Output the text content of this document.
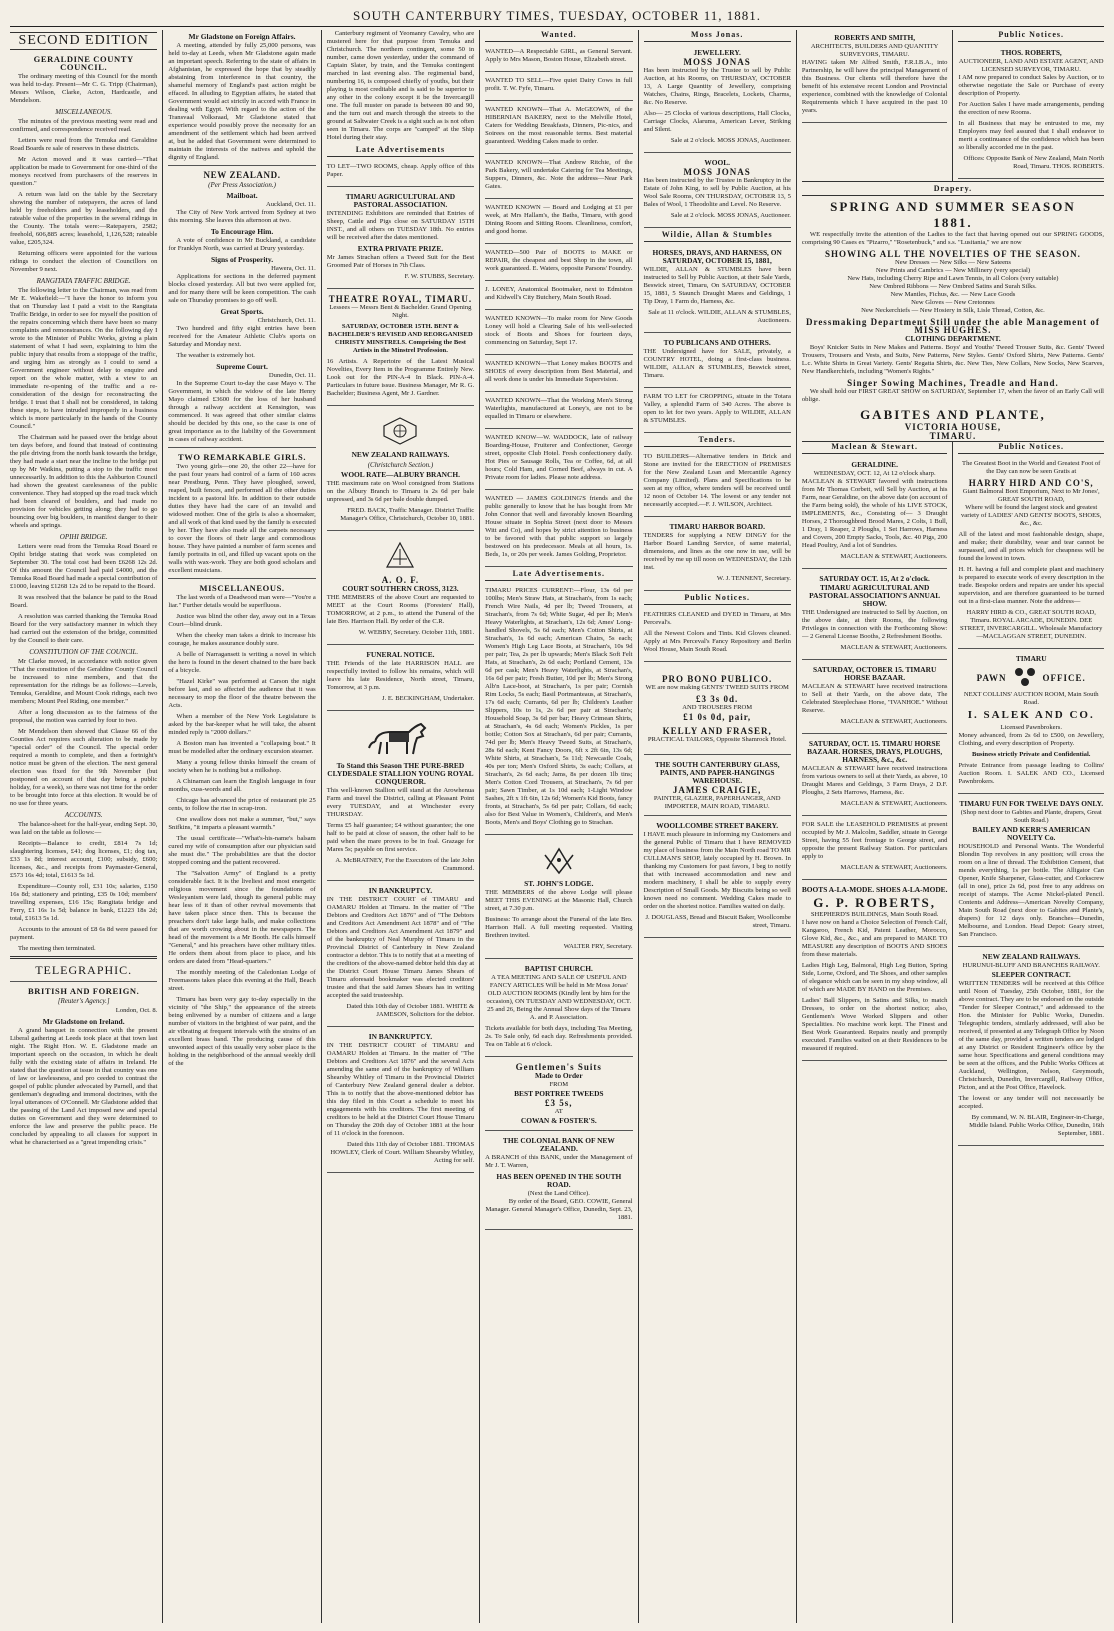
SOUTH CANTERBURY TIMES, TUESDAY, OCTOBER 11, 1881.
SECOND EDITION
GERALDINE COUNTY COUNCIL.

The ordinary meeting of this Council for the month was held to-day. Present—Mr C. G. Tripp (Chairman), Messrs Wilson, Clarke, Acton, Hardcastle, and Mendelson.

MISCELLANEOUS.

The minutes of the previous meeting were read and confirmed, and correspondence received read.

Letters were read from the Temuka and Geraldine Road Boards re sale of reserves in these districts.

Mr Acton moved and it was carried—"That application be made to Government for one-third of the moneys received from purchasers of the reserves in question."

A return was laid on the table by the Secretary showing the number of ratepayers, the acres of land held by freeholders and by leaseholders, and the rateable value of the properties in the several ridings in the County. The totals were:—Ratepayers, 2582; freehold, 606,885 acres; leasehold, 1,126,528; rateable value, £205,324.

Returning officers were appointed for the various ridings to conduct the election of Councillors on November 9 next.

RANGITATA TRAFFIC BRIDGE.

The following letter to the Chairman, was read from Mr E. Wakefield:—"I have the honor to inform you that on Thursday last I paid a visit to the Rangitata Traffic Bridge, in order to see for myself the position of the repairs concerning which there have been so many complaints and remonstrances. On the following day I wrote to the Minister of Public Works, giving a plain statement of what I had seen, explaining to him the public injury that results from a stoppage of the traffic, and urging him as strongly as I could to send a Government engineer without delay to enquire and report on the whole matter, with a view to an immediate re-opening of the traffic and a re-consideration of the design for reconstructing the bridge. I trust that I shall not be considered, in taking these steps, to have intruded improperly in a business which is more particularly in the hands of the County Council."

The Chairman said he passed over the bridge about ten days before, and found that instead of continuing the pile driving from the north bank towards the bridge, they had made a start near the incline to the bridge put up by Mr Watkins, putting a stop to the traffic most unnecessarily. In addition to this the Ashburton Council had shown the greatest carelessness of the public convenience. They had stopped up the road track which had been cleared of boulders, and had made no provision for vehicles getting along; they had to go bouncing over big boulders, in manifest danger to their wheels and springs.

OPIHI BRIDGE.

Letters were read from the Temuka Road Board re Opihi bridge stating that work was completed on September 30. The total cost had been £6268 12s 2d. Of this amount the Council had paid £4000, and the Temuka Road Board had made a special contribution of £1000, leaving £1268 12s 2d to be repaid to the Board.

It was resolved that the balance be paid to the Road Board.

A resolution was carried thanking the Temuka Road Board for the very satisfactory manner in which they had carried out the extension of the bridge, committed by the Council to their care.

CONSTITUTION OF THE COUNCIL.

Mr Clarke moved, in accordance with notice given "That the constitution of the Geraldine County Council be increased to nine members, and that the representation for the ridings be as follows:—Levels, Temuka, Geraldine, and Mount Cook ridings, each two members; Mount Peel Riding, one member."

After a long discussion as to the fairness of the proposal, the motion was carried by four to two.

Mr Mendelson then showed that Clause 66 of the Counties Act requires such alteration to be made by "special order" of the Council. The special order required a month to complete, and then a fortnight's notice must be given of the election. The next general election was fixed for the 9th November (but postponed on account of that day being a public holiday, for a week), so there was not time for the order to be brought into force at this election. It would be of no use for three years.

ACCOUNTS.

The balance-sheet for the half-year, ending Sept. 30, was laid on the table as follows:—

Receipts—Balance to credit, £814 7s 1d; slaughtering licenses, £41; dog licenses, £1; dog tax, £33 1s 8d; interest account, £100; subsidy, £600; licenses, &c., and receipts from Paymaster-General, £573 16s 4d; total, £1613 5s 1d.

Expenditure—County roll, £31 10s; salaries, £150 16s 8d; stationery and printing, £35 0s 10d; members' travelling expenses, £16 15s; Rangitata bridge and Ferry, £1 16s 1s 5d; balance in bank, £1223 18s 2d; total, £1613 5s 1d.

Accounts to the amount of £8 6s 8d were passed for payment.

The meeting then terminated.

TELEGRAPHIC.
BRITISH AND FOREIGN.
[Reuter's Agency.]
London, Oct. 8.
Mr Gladstone on Ireland.

A grand banquet in connection with the present Liberal gathering at Leeds took place at that town last night. The Right Hon. W. E. Gladstone made an important speech on the occasion, in which he dealt fully with the existing state of affairs in Ireland. He stated that the question at issue in that country was one of law or lawlessness, and pro ceeded to contrast the gospel of public plunder advocated by Parnell, and that gentleman's degrading and immoral doctrines, with the loyal utterances of O'Connell. Mr Gladstone added that the passing of the Land Act imposed new and special duties on Government and they were determined to enforce the law and preserve the public peace. He concluded by appealing to all classes for support in what he characterised as a "great impending crisis."

Mr Gladstone on Foreign Affairs.

A meeting, attended by fully 25,000 persons, was held to-day at Leeds, when Mr Gladstone again made an important speech. Referring to the state of affairs in Afghanistan, he expressed the hope that by steadily abstaining from interference in that country, the shameful memory of England's past action might be effaced. In alluding to Egyptian affairs, he stated that Government would act strictly in accord with France in dealing with Egypt. With regard to the action of the Transvaal Volksraad, Mr Gladstone stated that experience would possibly prove the necessity for an amendment of the settlement which had been arrived at, but he added that Government were determined to maintain the interests of the natives and uphold the dignity of England.

NEW ZEALAND.
(Per Press Association.)
Mailboat.
Auckland, Oct. 11.

The City of New York arrived from Sydney at two this morning. She leaves this afternoon at two.

To Encourage Him.

A vote of confidence in Mr Buckland, a candidate for Franklyn North, was carried at Drury yesterday.

Signs of Prosperity.
Hawera, Oct. 11.

Applications for sections in the deferred payment blocks closed yesterday. All but two were applied for, and for many there will be keen competition. The cash sale on Thursday promises to go off well.

Great Sports.
Christchurch, Oct. 11.

Two hundred and fifty eight entries have been received for the Amateur Athletic Club's sports on Saturday and Monday next.

The weather is extremely hot.

Supreme Court.
Dunedin, Oct. 11.

In the Supreme Court to-day the case Mayo v. The Government, in which the widow of the late Henry Mayo claimed £3600 for the loss of her husband through a railway accident at Kensington, was commenced. It was agreed that other similar claims should be decided by this one, so the case is one of great importance as to the liability of the Government in cases of railway accident.

TWO REMARKABLE GIRLS.

Two young girls—one 20, the other 22—have for the past four years had control of a farm of 160 acres near Prestburg, Penn. They have ploughed, sowed, reaped, built fences, and performed all the other duties incident to a pastoral life. In addition to their outside duties they have had the care of an invalid and widowed mother. One of the girls is also a shoemaker, and all work of that kind used by the family is executed by her. They have also made all the carpets necessary to cover the floors of their large and commodious house. They have painted a number of farm scenes and family portraits in oil, and filled up vacant spots on the walls with wax-work. They are both good scholars and excellent musicians.

MISCELLANEOUS.

The last words of a Deadwood man were—"You're a liar." Further details would be superfluous.

Justice was blind the other day, away out in a Texas Court—blind drunk.

When the cheeky man takes a drink to increase his courage, he makes assurance doubly sure.

A belle of Narragansett is writing a novel in which the hero is found in the desert chained to the bare back of a bicycle.

"Hazel Kirke" was performed at Carson the night before last, and so affected the audience that it was necessary to mop the floor of the theatre between the Acts.

When a member of the New York Legislature is asked by the bar-keeper what he will take, the absent minded reply is "2000 dollars."

A Boston man has invented a "collapsing boat." It must be modelled after the ordinary excursion steamer.

Many a young fellow thinks himself the cream of society when he is nothing but a milkshop.

A Chinaman can learn the English language in four months, cuss-words and all.

Chicago has advanced the price of restaurant pie 25 cents, to follow the rise in scrap-iron.

One swallow does not make a summer, "but," says Snifkins, "it imparts a pleasant warmth."

The usual certificate—"What's-his-name's balsam cured my wife of consumption after our physician said she must die." The probabilities are that the doctor stopped coming and the patient recovered.

The "Salvation Army" of England is a pretty considerable fact. It is the liveliest and most energetic religious movement since the foundations of Wesleyanism were laid, though its general public may hear less of it than of other revival movements that have taken place since then. This is because the preachers don't take large halls, and make collections that are worth crowing about in the newspapers. The head of the movement is a Mr Booth. He calls himself "General," and his preachers have other military titles. He orders them about from place to place, and his orders are dated from "Head-quarters."

The monthly meeting of the Caledonian Lodge of Freemasons takes place this evening at the Hall, Beach street.

Timaru has been very gay to-day especially in the vicinity of "the Ship," the appearance of the streets being enlivened by a number of citizens and a large number of visitors in the brightest of war paint, and the air vibrating at frequent intervals with the strains of an excellent brass band. The producing cause of this unwonted aspect of this usually very sober place is the holding in the neighborhood of the annual weekly drill of the

Canterbury regiment of Yeomanry Cavalry, who are mustered here for that purpose from Temuka and Christchurch. The northern contingent, some 50 in number, came down yesterday, under the command of Captain Slater, by train, and the Temuka contingent marched in last evening also. The regimental band, numbering 16, is composed chiefly of youths, but their playing is most creditable and is said to be superior to any other in the colony except it be the Invercargill one. The full muster on parade is between 80 and 90, and the turn out and march through the streets to the ground at Saltwater Creek is a sight such as is not often seen in Timaru. The corps are "camped" at the Ship Hotel during their stay.

Late Advertisements

TO LET—TWO ROOMS, cheap. Apply office of this Paper.

TIMARU AGRICULTURAL AND PASTORAL ASSOCIATION.

INTENDING Exhibitors are reminded that Entries of Sheep, Cattle and Pigs close on SATURDAY 15TH INST., and all others on TUESDAY 18th. No entries will be received after the dates mentioned.

EXTRA PRIVATE PRIZE.

Mr James Strachan offers a Tweed Suit for the Best Groomed Pair of Horses in 7th Class.

F. W. STUBBS, Secretary.

THEATRE ROYAL, TIMARU.

Lessees — Messrs Bent & Bachelder. Grand Opening Night.

SATURDAY, OCTOBER 15TH. BENT & BACHELDER'S REVISED AND REORGANISED CHRISTY MINSTRELS. Comprising the Best Artists in the Minstrel Profession.

16 Artists. A Repertoire of the Latest Musical Novelties, Every Item in the Programme Entirely New. Look out for the PIN-A-4 In Black. PIN-A-4. Particulars in future issue. Business Manager, Mr R. G. Bachelder; Business Agent, Mr J. Gardner.

NEW ZEALAND RAILWAYS.
(Christchurch Section.)
WOOL RATE—ALBURY BRANCH.

THE maximum rate on Wool consigned from Stations on the Albury Branch to Timaru is 2s 6d per bale unpressed, and 3s 6d per bale double dumped.

FRED. BACK, Traffic Manager. District Traffic Manager's Office, Christchurch, October 10, 1881.

A. O. F.
COURT SOUTHERN CROSS, 3123.

THE MEMBERS of the above Court are requested to MEET at the Court Rooms (Foresters' Hall), TOMORROW, at 2 p.m., to attend the Funeral of the late Bro. Harrison Hall. By order of the C.R.

W. WEBBY, Secretary. October 11th, 1881.

FUNERAL NOTICE.

THE Friends of the late HARRISON HALL are respectfully invited to follow his remains, which will leave his late Residence, North street, Timaru, Tomorrow, at 3 p.m.

J. E. BECKINGHAM, Undertaker.

To Stand this Season THE PURE-BRED CLYDESDALE STALLION YOUNG ROYAL CONQUEROR.

This well-known Stallion will stand at the Arowhenua Farm and travel the District, calling at Pleasant Point every TUESDAY, and at Winchester every THURSDAY.

Terms £5 half guarantee; £4 without guarantee; the one half to be paid at close of season, the other half to be paid when the mare proves to be in foal. Grazage for Mares 5s; payable on first service.

A. McBRATNEY, For the Executors of the late John Crammond.

IN BANKRUPTCY.

IN THE DISTRICT COURT of TIMARU and OAMARU Holden at Timaru. In the matter of "The Debtors and Creditors Act 1876" and of "The Debtors and Creditors Act Amendment Act 1878" and of "The Debtors and Creditors Act Amendment Act 1879" and of the bankruptcy of Neal Murphy of Timaru in the Provincial District of Canterbury in New Zealand contractor a debtor. This is to notify that at a meeting of the creditors of the above-named debtor held this day at the District Court House Timaru James Shears of Timaru aforesaid bookmaker was elected creditors' trustee and that the said James Shears has in writing accepted the said trusteeship.

Dated this 10th day of October 1881. WHITE & JAMESON, Solicitors for the debtor.

IN BANKRUPTCY.

IN THE DISTRICT COURT of TIMARU and OAMARU Holden at Timaru. In the matter of "The Debtors and Creditors Act 1876" and the several Acts amending the same and of the bankruptcy of William Shearsby Whitley of Timaru in the Provincial District of Canterbury New Zealand general dealer a debtor. This is to notify that the above-mentioned debtor has this day filed in this Court a schedule to meet his engagements with his creditors. The first meeting of creditors to be held at the District Court House Timaru on Thursday the 20th day of October 1881 at the hour of 11 o'clock in the forenoon.

Dated this 11th day of October 1881. THOMAS HOWLEY, Clerk of Court. William Shearsby Whitley, Acting for self.

Wanted.

WANTED—A Respectable GIRL, as General Servant. Apply to Mrs Mason, Boston House, Elizabeth street.

WANTED TO SELL—Five quiet Dairy Cows in full profit. T. W. Fyfe, Timaru.

WANTED KNOWN—That A. McGEOWN, of the HIBERNIAN BAKERY, next to the Melville Hotel, Caters for Wedding Breakfasts, Dinners, Pic-nics, and Soirees on the most reasonable terms. Best material guaranteed. Wedding Cakes made to order.

WANTED KNOWN—That Andrew Ritchie, of the Park Bakery, will undertake Catering for Tea Meetings, Suppers, Dinners, &c. Note the address—Near Park Gates.

WANTED KNOWN — Board and Lodging at £1 per week, at Mrs Hallam's, the Baths, Timaru, with good Dining Room and Sitting Room. Cleanliness, comfort, and good home.

WANTED—500 Pair of BOOTS to MAKE or REPAIR, the cheapest and best Shop in the town, all work guaranteed. E. Waters, opposite Parsons' Foundry.

J. LONEY, Anatomical Bootmaker, next to Edmiston and Kidwell's City Butchery, Main South Road.

WANTED KNOWN—To make room for New Goods Loney will hold a Clearing Sale of his well-selected stock of Boots and Shoes for fourteen days, commencing on Saturday, Sept 17.

WANTED KNOWN—That Loney makes BOOTS and SHOES of every description from Best Material, and all work done is under his Immediate Supervision.

WANTED KNOWN—That the Working Men's Strong Waterlights, manufactured at Loney's, are not to be equalled in Timaru or elsewhere.

WANTED KNOW—W. WADDOCK, late of railway Boarding-House, Fruiterer and Confectioner, George street, opposite Club Hotel. Fresh confectionery daily. Hot Pies or Sausage Rolls, Tea or Coffee, 6d, at all hours; Cold Ham, and Corned Beef, always in cut. A Private room for ladies. Please note address.

WANTED — JAMES GOLDING'S friends and the public generally to know that he has bought from Mr John Connor that well and favorably known Boarding House situate in Sophia Street (next door to Messrs Witt and Co), and hopes by strict attention to business to be favored with that public support so largely bestowed on his predecessor. Meals at all hours, 1s. Beds, 1s, or 20s per week. James Golding, Proprietor.

Late Advertisements.

TIMARU PRICES CURRENT:—Flour, 13s 6d per 100lbs; Men's Straw Hats, at Strachan's, from 1s each; French Wire Nails, 4d per lb; Tweed Trousers, at Strachan's, from 7s 6d; White Sugar, 4d per lb; Men's Heavy Waterlights, at Strachan's, 12s 6d; Ames' Long-handled Shovels, 5s 6d each; Men's Cotton Shirts, at Strachan's, 1s 6d each; American Chairs, 5s each; Women's High Leg Lace Boots, at Strachan's, 10s 9d per pair; Tea, 2s per lb upwards; Men's Black Soft Felt Hats, at Strachan's, 2s 6d each; Portland Cement, 13s 6d per cask; Men's Heavy Waterlights, at Strachan's, 16s 6d per pair; Fresh Butter, 10d per lb; Men's Strong Alb'n Lace-boot, at Strachan's, 1s per pair; Cornish Rim Locks, 5s each; Basil Portmanteaus, at Strachan's, 17s 6d each; Currants, 6d per lb; Children's Leather Slippers, 10s to 1s, 2s 6d per pair at Strachan's; Household Soap, 3s 6d per bar; Heavy Crimean Shirts, at Strachan's, 4s 6d each; Women's Pickles, 1s per bottle; Cotton Sox at Strachan's, 6d per pair; Currants, 74d per lb; Men's Heavy Tweed Suits, at Strachan's, 28s 6d each; Kent Fancy Doors, 6ft x 2ft 6in, 13s 6d; White Shirts, at Strachan's, 5s 11d; Newcastle Coals, 40s per ton; Men's Oxford Shirts, 3s each; Collars, at Strachan's, 2s 6d each; Jams, 8s per dozen 1lb tins; Men's Cotton Cord Trousers, at Strachan's, 7s 6d per pair; Sawn Timber, at 1s 10d each; 1-Light Window Sashes, 2ft x 1ft 6in, 12s 6d; Women's Kid Boots, fancy fronts, at Strachan's, 5s 6d per pair; Collars, 6d each; also for Best Value in Women's, Children's, and Men's Boots, Men's and Boys' Clothing go to Strachan.

ST. JOHN'S LODGE.

THE MEMBERS of the above Lodge will please MEET THIS EVENING at the Masonic Hall, Church street, at 7.30 p.m.

Business: To arrange about the Funeral of the late Bro. Harrison Hall. A full meeting requested. Visiting Brethren invited.

WALTER FRY, Secretary.

BAPTIST CHURCH.

A TEA MEETING AND SALE OF USEFUL AND FANCY ARTICLES Will be held in Mr Moss Jonas' OLD AUCTION ROOMS (Kindly lent by him for the occasion), ON TUESDAY AND WEDNESDAY, OCT. 25 and 26, Being the Annual Show days of the Timaru A. and P. Association.

Tickets available for both days, including Tea Meeting, 2s. To Sale only, 6d each day. Refreshments provided. Tea on Table at 6 o'clock.

Gentlemen's Suits
Made to Order
FROM
BEST PORTREE TWEEDS
£3 5s,
AT
COWAN & FOSTER'S.
THE COLONIAL BANK OF NEW ZEALAND.

A BRANCH of this BANK, under the Management of Mr J. T. Warren,

HAS BEEN OPENED IN THE SOUTH ROAD.
(Next the Land Office).

By order of the Board, GEO. COWIE, General Manager. General Manager's Office, Dunedin, Sept. 23, 1881.

Moss Jonas.
JEWELLERY.
MOSS JONAS

Has been instructed by the Trustee to sell by Public Auction, at his Rooms, on THURSDAY, OCTOBER 13, A Large Quantity of Jewellery, comprising Watches, Chains, Rings, Bracelets, Lockets, Charms, &c. No Reserve.

Also— 25 Clocks of various descriptions, Hall Clocks, Carriage Clocks, Alarums, American Lever, Striking and Silent.

Sale at 2 o'clock. MOSS JONAS, Auctioneer.

WOOL.
MOSS JONAS

Has been instructed by the Trustee in Bankruptcy in the Estate of John King, to sell by Public Auction, at his Wool Sale Rooms, ON THURSDAY, OCTOBER 13, 5 Bales of Wool, 1 Theodolite and Level. No Reserve.

Sale at 2 o'clock. MOSS JONAS, Auctioneer.

Wildie, Allan & Stumbles
HORSES, DRAYS, AND HARNESS, ON SATURDAY, OCTOBER 15, 1881,

WILDIE, ALLAN & STUMBLES have been instructed to Sell by Public Auction, at their Sale Yards, Beswick street, Timaru, On SATURDAY, OCTOBER 15, 1881, 5 Staunch Draught Mares and Geldings, 1 Tip Dray, 1 Farm do, Harness, &c.

Sale at 11 o'clock. WILDIE, ALLAN & STUMBLES, Auctioneers.

TO PUBLICANS AND OTHERS.

THE Undersigned have for SALE, privately, a COUNTRY HOTEL, doing a first-class business. WILDIE, ALLAN & STUMBLES, Beswick street, Timaru.

FARM TO LET for CROPPING, situate in the Totara Valley, a splendid Farm of 340 Acres. The above is open to let for two years. Apply to WILDIE, ALLAN & STUMBLES.

Tenders.

TO BUILDERS—Alternative tenders in Brick and Stone are invited for the ERECTION of PREMISES for the New Zealand Loan and Mercantile Agency Company (Limited). Plans and Specifications to be seen at my office, where tenders will be received until 12 noon of October 14. The lowest or any tender not necessarily accepted.—F. J. WILSON, Architect.

TIMARU HARBOR BOARD.

TENDERS for supplying a NEW DINGY for the Harbor Board Landing Service, of same material, dimensions, and lines as the one now in use, will be received by me up till noon on WEDNESDAY, the 12th inst.

W. J. TENNENT, Secretary.

Public Notices.

FEATHERS CLEANED and DYED in Timaru, at Mrs Perceval's.

All the Newest Colors and Tints. Kid Gloves cleaned. Apply at Mrs Perceval's Fancy Repository and Berlin Wool House, Main South Road.

PRO BONO PUBLICO.

WE are now making GENTS' TWEED SUITS FROM

£3 3s 0d.
AND TROUSERS FROM
£1 0s 0d, pair,
KELLY AND FRASER,
PRACTICAL TAILORS, Opposite Shamrock Hotel.
THE SOUTH CANTERBURY GLASS, PAINTS, AND PAPER-HANGINGS WAREHOUSE.
JAMES CRAIGIE,
PAINTER, GLAZIER, PAPERHANGER, AND IMPORTER, MAIN ROAD, TIMARU.
WOOLLCOMBE STREET BAKERY.

I HAVE much pleasure in informing my Customers and the general Public of Timaru that I have REMOVED my place of business from the Main North road TO MR CULLMAN'S SHOP, lately occupied by H. Brown. In thanking my Customers for past favors, I beg to notify that with increased accommodation and new and modern machinery, I shall be able to supply every Description of Small Goods. My Biscuits being so well known need no comment. Wedding Cakes made to order on the shortest notice. Families waited on daily.

J. DOUGLASS, Bread and Biscuit Baker, Woollcombe street, Timaru.

ROBERTS AND SMITH,
ARCHITECTS, BUILDERS AND QUANTITY SURVEYORS, TIMARU.

HAVING taken Mr Alfred Smith, F.R.I.B.A., into Partnership, he will have the principal Management of this Business. Our clients will therefore have the benefit of his extensive recent London and Provincial experience, combined with the knowledge of Colonial Requirements which I have acquired in the past 10 years.

Public Notices.
THOS. ROBERTS,
AUCTIONEER, LAND AND ESTATE AGENT, AND LICENSED SURVEYOR, TIMARU.

I AM now prepared to conduct Sales by Auction, or to otherwise negotiate the Sale or Purchase of every description of Property.

For Auction Sales I have made arrangements, pending the erection of new Rooms.

In all Business that may be entrusted to me, my Employers may feel assured that I shall endeavor to merit a continuance of the confidence which has been so liberally accorded me in the past.

Offices: Opposite Bank of New Zealand, Main North Road, Timaru. THOS. ROBERTS.

Drapery.
SPRING AND SUMMER SEASON
1881.

WE respectfully invite the attention of the Ladies to the fact that having opened out our SPRING GOODS, comprising 90 Cases ex "Pizarro," "Rosetenbuck," and s.s. "Lusitania," we are now

SHOWING ALL THE NOVELTIES OF THE SEASON.
New Dresses — New Silks — New Sateens
New Prints and Cambrics — New Millinery (very special)
New Hats, including Cherry Ripe and Lawn Tennis, in all Colors (very suitable)
New Ombred Ribbons — New Ombred Satins and Surah Silks.
New Mantles, Fichus, &c. — New Lace Goods
New Gloves — New Cretonnes
New Neckerchiefs — New Hosiery in Silk, Lisle Thread, Cotton, &c.
Dressmaking Department Still under the able Management of MISS HUGHES.
CLOTHING DEPARTMENT.

Boys' Knicker Suits in New Makes and Patterns. Boys' and Youths' Tweed Trouser Suits, &c. Gents' Tweed Trousers, Trousers and Vests, and Suits, New Patterns, New Styles. Gents' Oxford Shirts, New Patterns. Gents' L.c. White Shirts in Great Variety. Gents' Regatta Shirts, &c. New Ties, New Collars, New Socks, New Scarves, New Handkerchiefs, including "Women's Rights."

Singer Sowing Machines, Treadle and Hand.

We shall hold our FIRST GREAT SHOW on SATURDAY, September 17, when the favor of an Early Call will oblige.

GABITES AND PLANTE,
VICTORIA HOUSE,
TIMARU.
Maclean & Stewart.
GERALDINE.
WEDNESDAY, OCT. 12, At 12 o'clock sharp.

MACLEAN & STEWART favored with instructions from Mr Thomas Corbett, will Sell by Auction, at his Farm, near Geraldine, on the above date (on account of the Farm being sold), the whole of his LIVE STOCK, IMPLEMENTS, &c., Consisting of— 3 Draught Horses, 2 Thoroughbred Brood Mares, 2 Colts, 1 Bull, 1 Dray, 1 Reaper, 2 Ploughs, 1 Set Harrows, Harness and Covers, 200 Empty Sacks, Tools, &c. 40 Pigs, 200 Head Poultry, And a lot of Sundries.

MACLEAN & STEWART, Auctioneers.

SATURDAY OCT. 15, At 2 o'clock.
TIMARU AGRICULTURAL AND PASTORAL ASSOCIATION'S ANNUAL SHOW.

THE Undersigned are instructed to Sell by Auction, on the above date, at their Rooms, the following Privileges in connection with the Forthcoming Show:— 2 General License Booths, 2 Refreshment Booths.

MACLEAN & STEWART, Auctioneers.

SATURDAY, OCTOBER 15. TIMARU HORSE BAZAAR.

MACLEAN & STEWART have received instructions to Sell at their Yards, on the above date, The Celebrated Steeplechase Horse, "IVANHOE." Without Reserve.

MACLEAN & STEWART, Auctioneers.

SATURDAY, OCT. 15. TIMARU HORSE BAZAAR. HORSES, DRAYS, PLOUGHS, HARNESS, &c., &c.

MACLEAN & STEWART have received instructions from various owners to sell at their Yards, as above, 10 Draught Mares and Geldings, 3 Farm Drays, 2 D.F. Ploughs, 2 Sets Harrows, Harness, &c.

MACLEAN & STEWART, Auctioneers.

FOR SALE the LEASEHOLD PREMISES at present occupied by Mr J. Malcolm, Saddler, situate in George Street, having 55 feet frontage to George street, and opposite the present Railway Station. For particulars apply to

MACLEAN & STEWART, Auctioneers.

BOOTS A-LA-MODE. SHOES A-LA-MODE.
G. P. ROBERTS,
SHEPHERD'S BUILDINGS, Main South Road.

I have now on hand a Choice Selection of French Calf, Kangaroo, French Kid, Patent Leather, Morocco, Glove Kid, &c., &c., and am prepared to MAKE TO MEASURE any description of BOOTS AND SHOES from these materials.

Ladies High Leg, Balmoral, High Leg Button, Spring Side, Lorne, Oxford, and Tie Shoes, and other samples of elegance which can be seen in my shop window, all of which are MADE BY HAND on the Premises.

Ladies' Ball Slippers, in Satins and Silks, to match Dresses, to order on the shortest notice; also, Gentlemen's Wove Worked Slippers and other Specialities. No machine work kept. The Finest and Best Work Guaranteed. Repairs neatly and promptly executed. Families waited on at their Residences to be measured if required.

Public Notices.

The Greatest Boot in the World and Greatest Foot of the Day can now be seen Gratis at

HARRY HIRD AND CO'S,
Giant Balmoral Boot Emporium, Next to Mr Jones', GREAT SOUTH ROAD,

Where will be found the largest stock and greatest variety of LADIES' AND GENTS' BOOTS, SHOES, &c., &c.

All of the latest and most fashionable design, shape, and make; their durability, wear and tear cannot be surpassed, and all prices which for cheapness will be found the lowest in town.

H. H. having a full and complete plant and machinery is prepared to execute work of every description in the trade. Bespoke orders and repairs are under his special supervision, and are therefore guaranteed to be turned out in a first-class manner. Note the address—

HARRY HIRD & CO., GREAT SOUTH ROAD, Timaru. ROYAL ARCADE, DUNEDIN. DEE STREET, INVERCARGILL. Wholesale Manufactory—MACLAGGAN STREET, DUNEDIN.

TIMARU
PAWN	OFFICE.
NEXT COLLINS' AUCTION ROOM, Main South Road.
I. SALEK AND CO.
Licensed Pawnbrokers.

Money advanced, from 2s 6d to £500, on Jewellery, Clothing, and every description of Property.

Business strictly Private and Confidential.

Private Entrance from passage leading to Collins' Auction Room. I. SALEK AND CO., Licensed Pawnbrokers.

TIMARU FUN FOR TWELVE DAYS ONLY.
(Shop next door to Gabites and Plante, drapers, Great South Road.)
BAILEY AND KERR'S AMERICAN NOVELTY Co.

HOUSEHOLD and Personal Wants. The Wonderful Blondin Top revolves in any position; will cross the room on a line of thread. The Exhibition Cement, that mends everything, 1s per bottle. The Alligator Can Opener, Knife Sharpener, Glass-cutter, and Corkscrew (all in one), price 2s 6d, post free to any address on receipt of stamps. The Acme Nickel-plated Pencil. Contents and Address—American Novelty Company, Main South Road (next door to Gabites and Plante's, drapers) for 12 days only. Branches—Dunedin, Melbourne, and London. Head Depot: Geary street, San Francisco.

NEW ZEALAND RAILWAYS.
HURUNUI-BLUFF AND BRANCHES RAILWAY.
SLEEPER CONTRACT.

WRITTEN TENDERS will be received at this Office until Noon of Tuesday, 25th October, 1881, for the above contract. They are to be endorsed on the outside "Tender for Sleeper Contract," and addressed to the Hon. the Minister for Public Works, Dunedin. Telegraphic tenders, similarly addressed, will also be received, if presented at any Telegraph Office by Noon of the same day, provided a written tenders are lodged at any District or Resident Engineer's office by the same hour. Specifications and general conditions may be seen at the offices, and the Public Works Offices at Auckland, Wellington, Nelson, Greymouth, Christchurch, Dunedin, Invercargill, Railway Office, Picton, and at the Post Office, Havelock.

The lowest or any tender will not necessarily be accepted.

By command, W. N. BLAIR, Engineer-in-Charge, Middle Island. Public Works Office, Dunedin, 16th September, 1881.
